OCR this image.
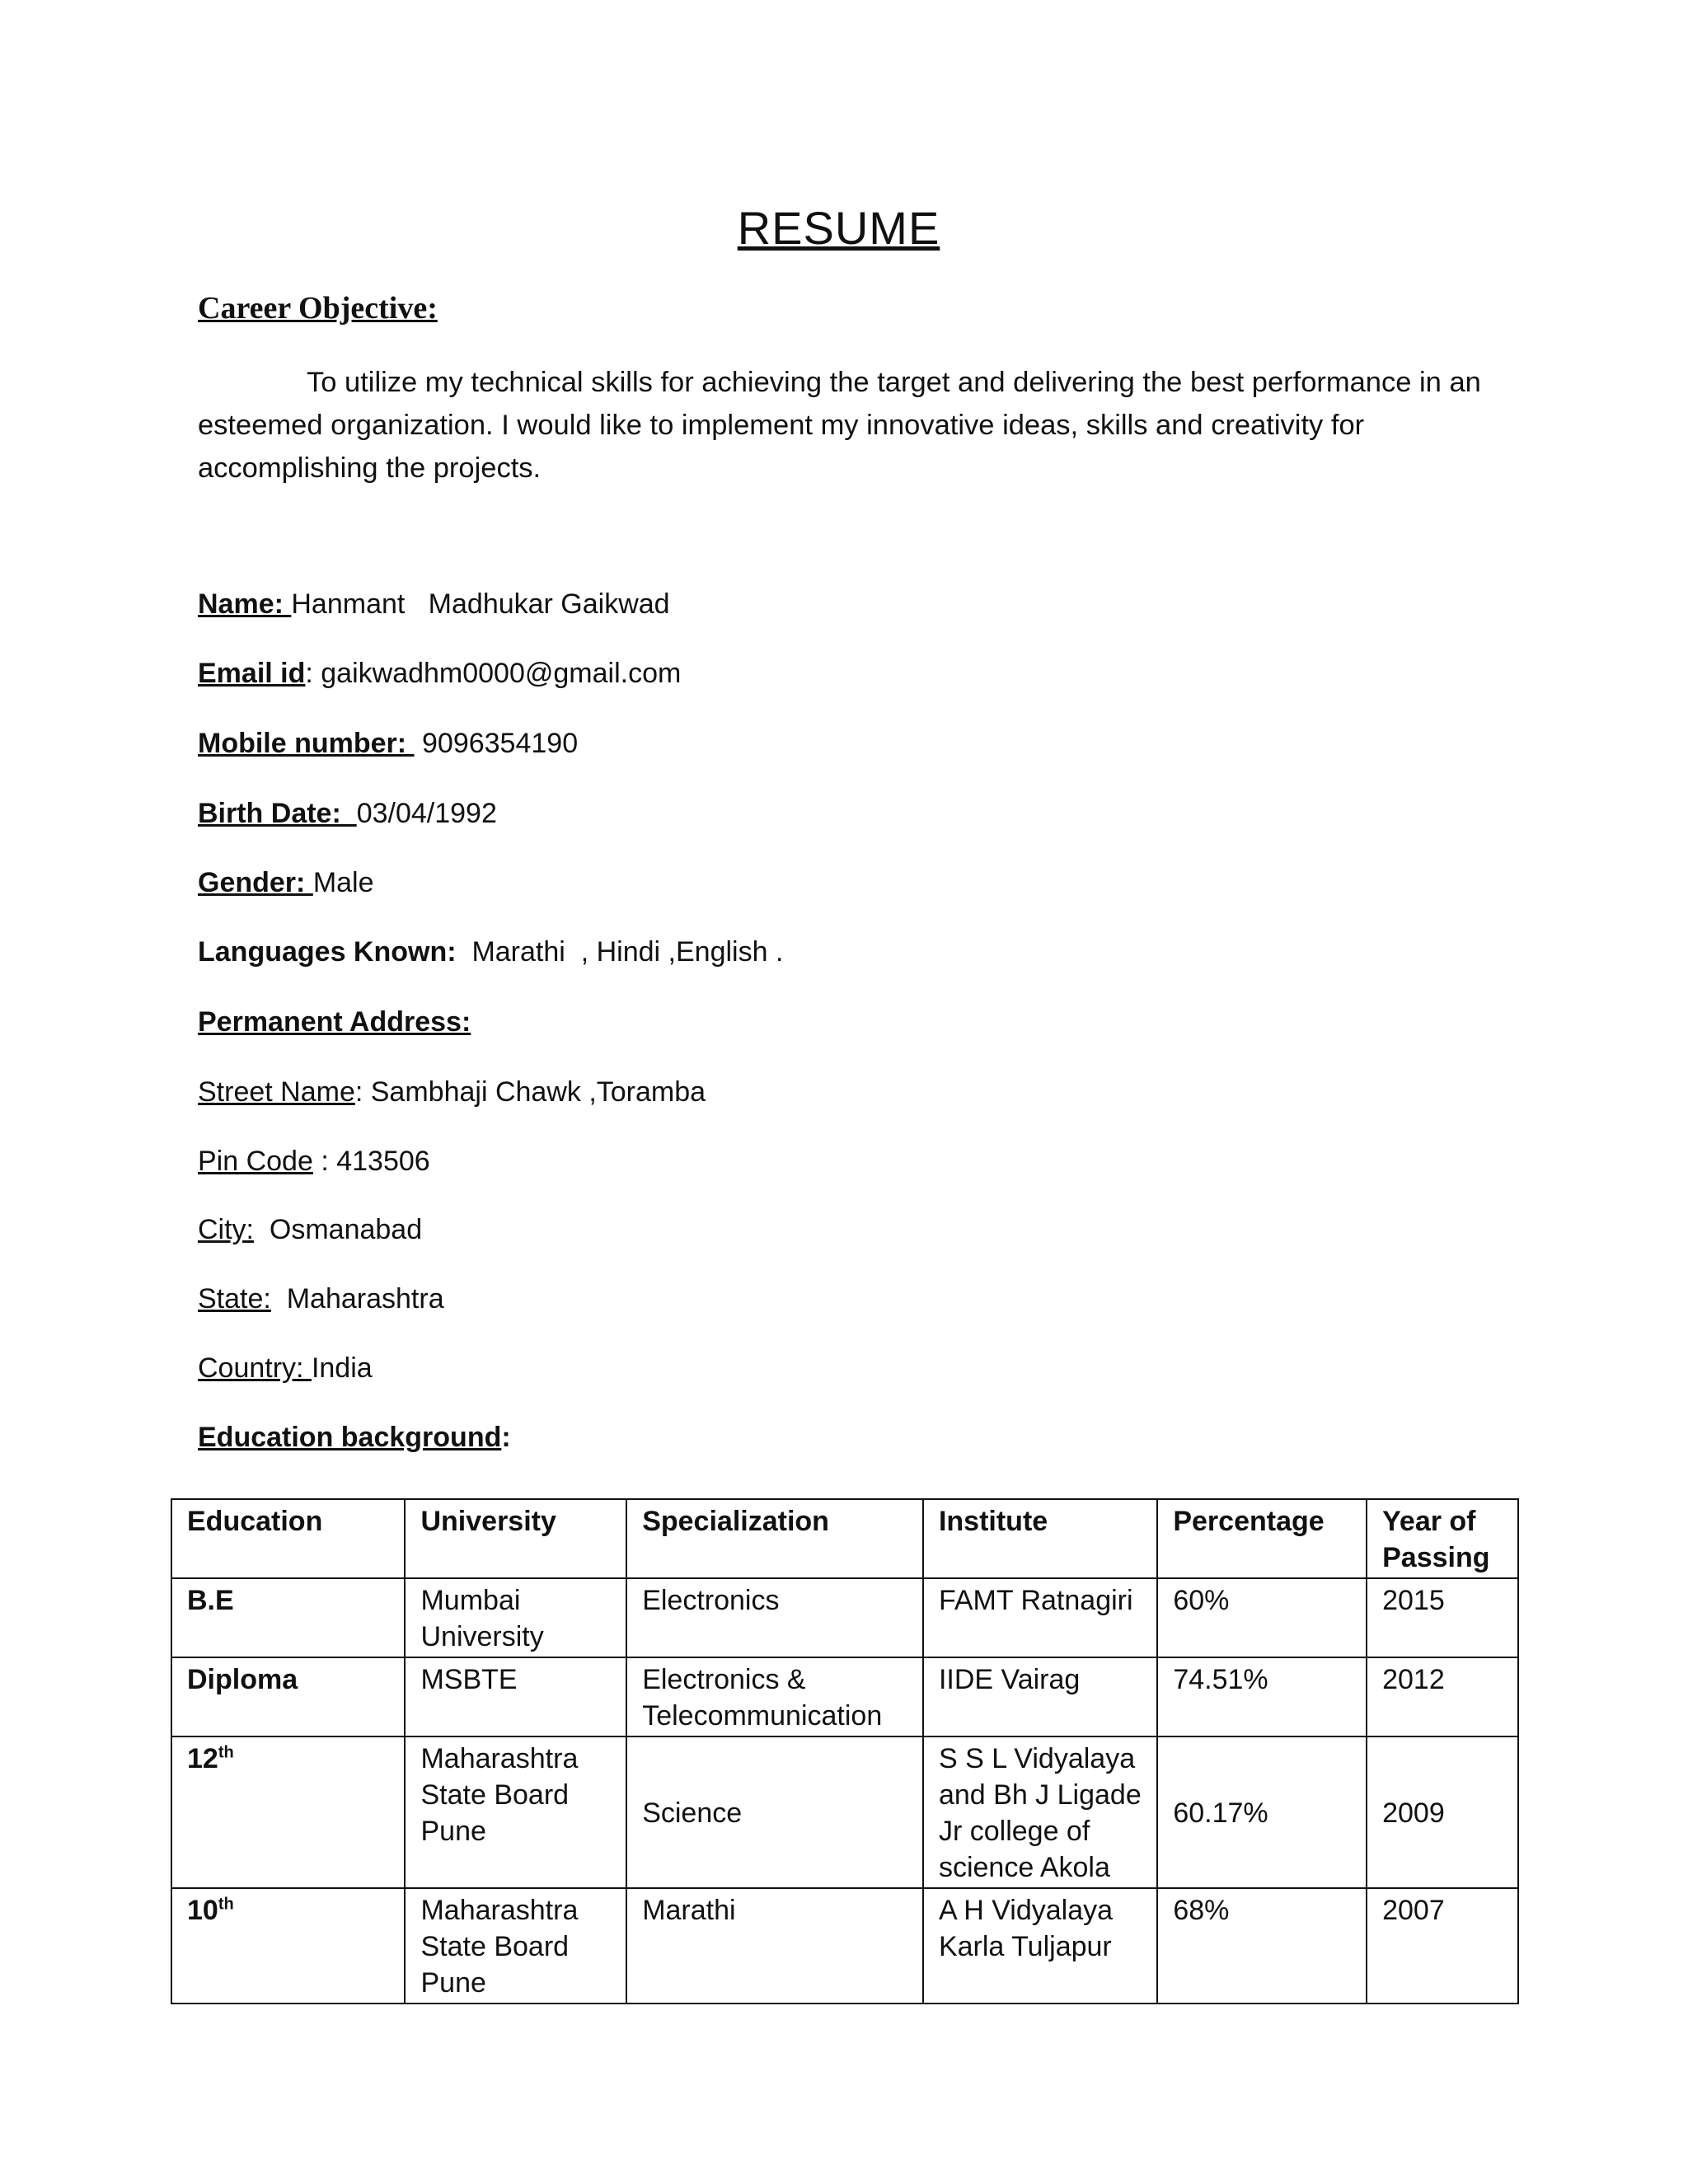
RESUME
Career Objective:
To utilize my technical skills for achieving the target and delivering the best performance in an esteemed organization. I would like to implement my innovative ideas, skills and creativity for accomplishing the projects.
Name: Hanmant   Madhukar Gaikwad
Email id: gaikwadhm0000@gmail.com
Mobile number:  9096354190
Birth Date:  03/04/1992
Gender: Male
Languages Known:  Marathi  , Hindi ,English .
Permanent Address:
Street Name: Sambhaji Chawk ,Toramba
Pin Code : 413506
City:  Osmanabad
State:  Maharashtra
Country: India
Education background:
Education	University	Specialization	Institute	Percentage	Year of Passing
B.E	Mumbai University	Electronics	FAMT Ratnagiri	60%	2015
Diploma	MSBTE	Electronics & Telecommunication	IIDE Vairag	74.51%	2012
12th	Maharashtra State Board Pune	Science	S S L Vidyalaya and Bh J Ligade Jr college of science Akola	60.17%	2009
10th	Maharashtra State Board Pune	Marathi	A H Vidyalaya Karla Tuljapur	68%	2007
